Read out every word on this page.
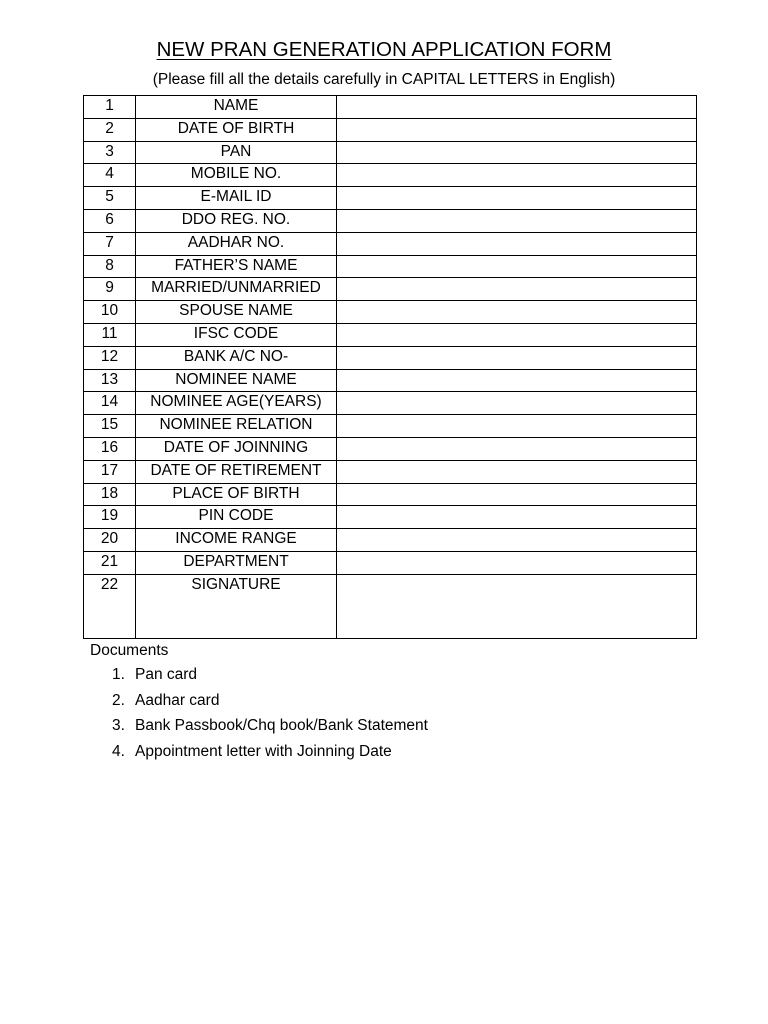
NEW PRAN GENERATION APPLICATION FORM
(Please fill all the details carefully in CAPITAL LETTERS in English)
1	NAME	
2	DATE OF BIRTH	
3	PAN	
4	MOBILE NO.	
5	E-MAIL ID	
6	DDO REG. NO.	
7	AADHAR NO.	
8	FATHER’S NAME	
9	MARRIED/UNMARRIED	
10	SPOUSE NAME	
11	IFSC CODE	
12	BANK A/C NO-	
13	NOMINEE NAME	
14	NOMINEE AGE(YEARS)	
15	NOMINEE RELATION	
16	DATE OF JOINNING	
17	DATE OF RETIREMENT	
18	PLACE OF BIRTH	
19	PIN CODE	
20	INCOME RANGE	
21	DEPARTMENT	
22	SIGNATURE	

Documents

1. Pan card
2. Aadhar card
3. Bank Passbook/Chq book/Bank Statement
4. Appointment letter with Joinning Date
